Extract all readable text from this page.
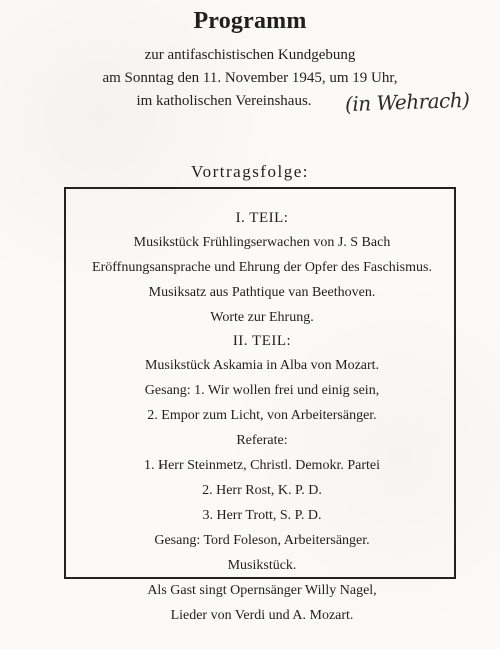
Programm
zur antifaschistischen Kundgebung
am Sonntag den 11. November 1945, um 19 Uhr,
im katholischen Vereinshaus.	(in Wehrach)
Vortragsfolge:
I. TEIL:
Musikstück Frühlingserwachen von J. S Bach
Eröffnungsansprache und Ehrung der Opfer des Faschismus.
Musiksatz aus Pathtique van Beethoven.
Worte zur Ehrung.
II. TEIL:
Musikstück Askamia in Alba von Mozart.
Gesang: 1. Wir wollen frei und einig sein,
2. Empor zum Licht, von Arbeitersänger.
Referate:
1. Herr Steinmetz, Christl. Demokr. Partei
2. Herr Rost, K. P. D.
3. Herr Trott, S. P. D.
Gesang: Tord Foleson, Arbeitersänger.
Musikstück.
Als Gast singt Opernsänger Willy Nagel,
Lieder von Verdi und A. Mozart.
